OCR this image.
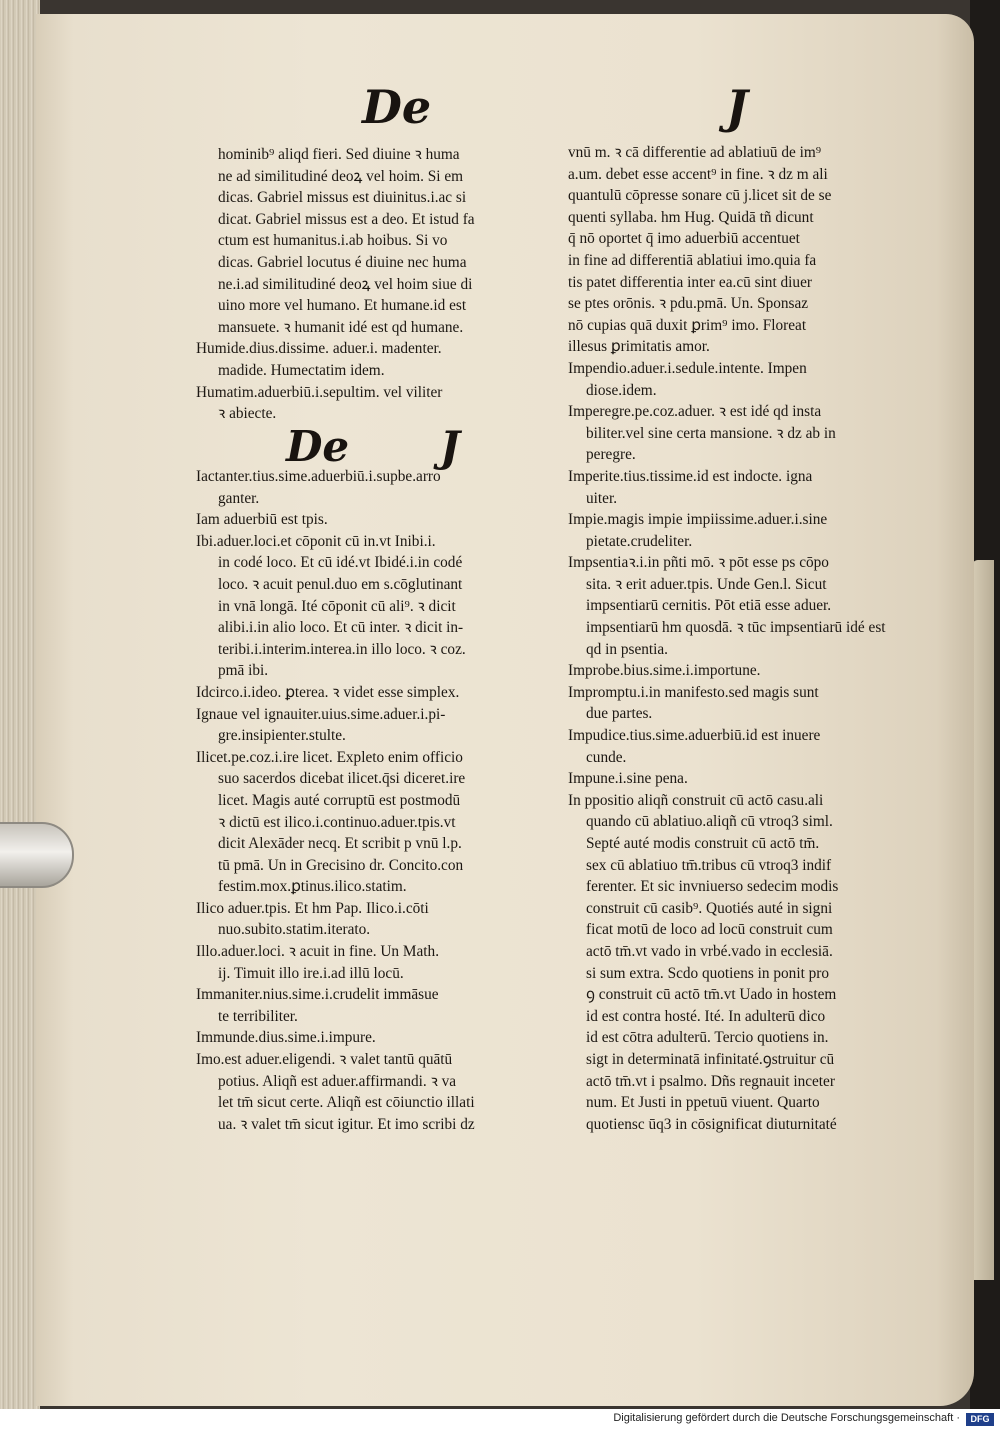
De	J
hominib⁹ aliqd fieri. Sed diuine ꝛ huma
ne ad similitudiné deoꝝ vel hoim. Si em
dicas. Gabriel missus est diuinitus.i.ac si
dicat. Gabriel missus est a deo. Et istud fa
ctum est humanitus.i.ab hoibus. Si vo
dicas. Gabriel locutus é diuine nec huma
ne.i.ad similitudiné deoꝝ vel hoim siue di
uino more vel humano. Et humane.id est
mansuete. ꝛ humanit idé est qd humane.
Humide.dius.dissime. aduer.i. madenter.
madide. Humectatim idem.
Humatim.aduerbiū.i.sepultim. vel viliter
ꝛ abiecte.
De J
Iactanter.tius.sime.aduerbiū.i.supbe.arro
ganter.
Iam aduerbiū est tpis.
Ibi.aduer.loci.et cōponit cū in.vt Inibi.i.
in codé loco. Et cū idé.vt Ibidé.i.in codé
loco. ꝛ acuit penul.duo em s.cōglutinant
in vnā longā. Ité cōponit cū ali⁹. ꝛ dicit
alibi.i.in alio loco. Et cū inter. ꝛ dicit in-
teribi.i.interim.interea.in illo loco. ꝛ coz.
pmā ibi.
Idcirco.i.ideo. ꝑterea. ꝛ videt esse simplex.
Ignaue vel ignauiter.uius.sime.aduer.i.pi-
gre.insipienter.stulte.
Ilicet.pe.coz.i.ire licet. Expleto enim officio
suo sacerdos dicebat ilicet.q̄si diceret.ire
licet. Magis auté corruptū est postmodū
ꝛ dictū est ilico.i.continuo.aduer.tpis.vt
dicit Alexāder necq. Et scribit p vnū l.p.
tū pmā. Un in Grecisino dr. Concito.con
festim.mox.ꝑtinus.ilico.statim.
Ilico aduer.tpis. Et hm Pap. Ilico.i.cōti
nuo.subito.statim.iterato.
Illo.aduer.loci. ꝛ acuit in fine. Un Math.
ij. Timuit illo ire.i.ad illū locū.
Immaniter.nius.sime.i.crudelit immāsue
te terribiliter.
Immunde.dius.sime.i.impure.
Imo.est aduer.eligendi. ꝛ valet tantū quātū
potius. Aliqñ est aduer.affirmandi. ꝛ va
let tm̄ sicut certe. Aliqñ est cōiunctio illati
ua. ꝛ valet tm̄ sicut igitur. Et imo scribi dz
vnū m. ꝛ cā differentie ad ablatiuū de im⁹
a.um. debet esse accent⁹ in fine. ꝛ dz m ali
quantulū cōpresse sonare cū j.licet sit de se
quenti syllaba. hm Hug. Quidā tñ dicunt
q̄ nō oportet q̄ imo aduerbiū accentuet
in fine ad differentiā ablatiui imo.quia fa
tis patet differentia inter ea.cū sint diuer
se ptes orōnis. ꝛ pdu.pmā. Un. Sponsaz
nō cupias quā duxit ꝑrim⁹ imo. Floreat
illesus ꝑrimitatis amor.
Impendio.aduer.i.sedule.intente. Impen
diose.idem.
Imperegre.pe.coz.aduer. ꝛ est idé qd insta
biliter.vel sine certa mansione. ꝛ dz ab in
peregre.
Imperite.tius.tissime.id est indocte. igna
uiter.
Impie.magis impie impiissime.aduer.i.sine
pietate.crudeliter.
Impsentiaꝛ.i.in pñti mō. ꝛ pōt esse ps cōpo
sita. ꝛ erit aduer.tpis. Unde Gen.l. Sicut
impsentiarū cernitis. Pōt etiā esse aduer.
impsentiarū hm quosdā. ꝛ tūc impsentiarū idé est
qd in psentia.
Improbe.bius.sime.i.importune.
Impromptu.i.in manifesto.sed magis sunt
due partes.
Impudice.tius.sime.aduerbiū.id est inuere
cunde.
Impune.i.sine pena.
In ppositio aliqñ construit cū actō casu.ali
quando cū ablatiuo.aliqñ cū vtroq3 siml.
Septé auté modis construit cū actō tm̄.
sex cū ablatiuo tm̄.tribus cū vtroq3 indif
ferenter. Et sic invniuerso sedecim modis
construit cū casib⁹. Quotiés auté in signi
ficat motū de loco ad locū construit cum
actō tm̄.vt vado in vrbé.vado in ecclesiā.
si sum extra. Scdo quotiens in ponit pro
ꝯ construit cū actō tm̄.vt Uado in hostem
id est contra hosté. Ité. In adulterū dico
id est cōtra adulterū. Tercio quotiens in.
sigt in determinatā infinitaté.ꝯstruitur cū
actō tm̄.vt i psalmo. Dñs regnauit inceter
num. Et Justi in ppetuū viuent. Quarto
quotiensc ūq3 in cōsignificat diuturnitaté
Digitalisierung gefördert durch die Deutsche Forschungsgemeinschaft ·	DFG
